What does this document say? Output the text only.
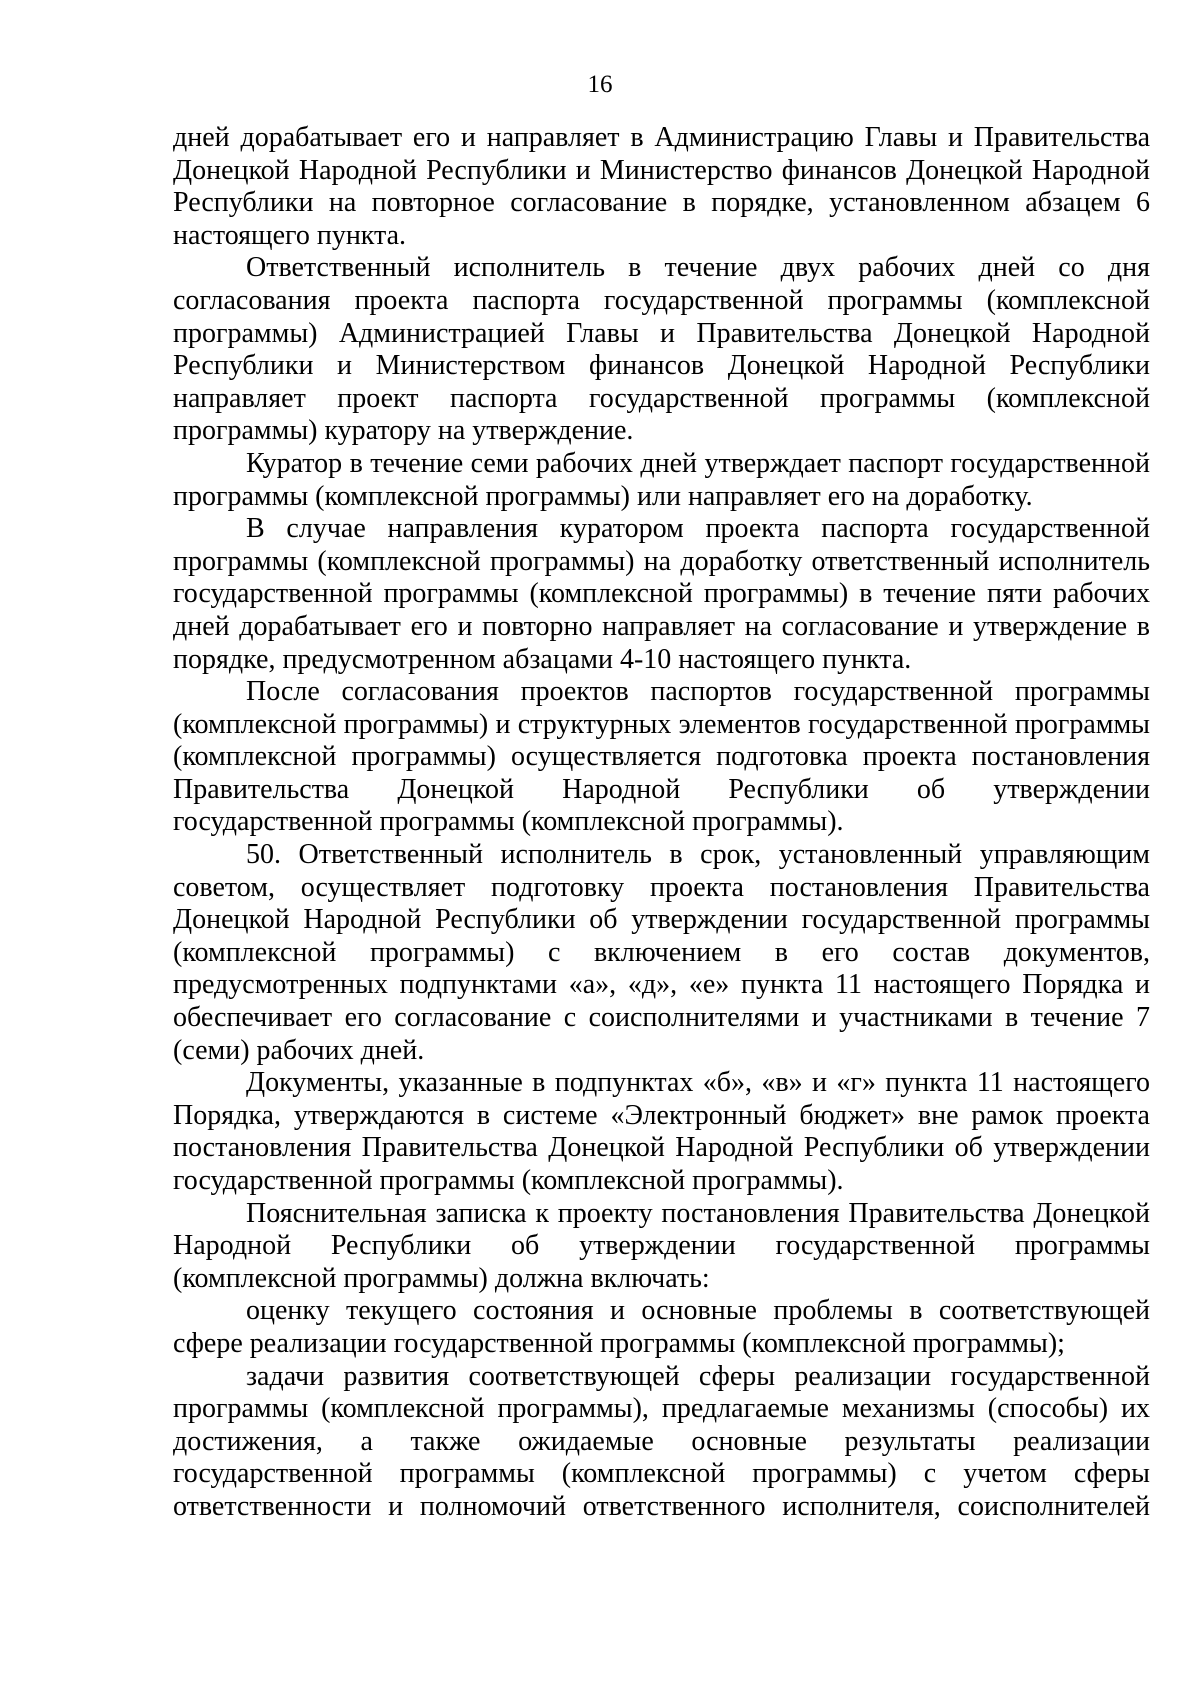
16

дней дорабатывает его и направляет в Администрацию Главы и Правительства Донецкой Народной Республики и Министерство финансов Донецкой Народной Республики на повторное согласование в порядке, установленном абзацем 6 настоящего пункта.

Ответственный исполнитель в течение двух рабочих дней со дня согласования проекта паспорта государственной программы (комплексной программы) Администрацией Главы и Правительства Донецкой Народной Республики и Министерством финансов Донецкой Народной Республики направляет проект паспорта государственной программы (комплексной программы) куратору на утверждение.

Куратор в течение семи рабочих дней утверждает паспорт государственной программы (комплексной программы) или направляет его на доработку.

В случае направления куратором проекта паспорта государственной программы (комплексной программы) на доработку ответственный исполнитель государственной программы (комплексной программы) в течение пяти рабочих дней дорабатывает его и повторно направляет на согласование и утверждение в порядке, предусмотренном абзацами 4-10 настоящего пункта.

После согласования проектов паспортов государственной программы (комплексной программы) и структурных элементов государственной программы (комплексной программы) осуществляется подготовка проекта постановления Правительства Донецкой Народной Республики об утверждении государственной программы (комплексной программы).

50. Ответственный исполнитель в срок, установленный управляющим советом, осуществляет подготовку проекта постановления Правительства Донецкой Народной Республики об утверждении государственной программы (комплексной программы) с включением в его состав документов, предусмотренных подпунктами «а», «д», «е» пункта 11 настоящего Порядка и обеспечивает его согласование с соисполнителями и участниками в течение 7 (семи) рабочих дней.

Документы, указанные в подпунктах «б», «в» и «г» пункта 11 настоящего Порядка, утверждаются в системе «Электронный бюджет» вне рамок проекта постановления Правительства Донецкой Народной Республики об утверждении государственной программы (комплексной программы).

Пояснительная записка к проекту постановления Правительства Донецкой Народной Республики об утверждении государственной программы (комплексной программы) должна включать:

оценку текущего состояния и основные проблемы в соответствующей сфере реализации государственной программы (комплексной программы);

задачи развития соответствующей сферы реализации государственной программы (комплексной программы), предлагаемые механизмы (способы) их достижения, а также ожидаемые основные результаты реализации государственной программы (комплексной программы) с учетом сферы ответственности и полномочий ответственного исполнителя, соисполнителей
